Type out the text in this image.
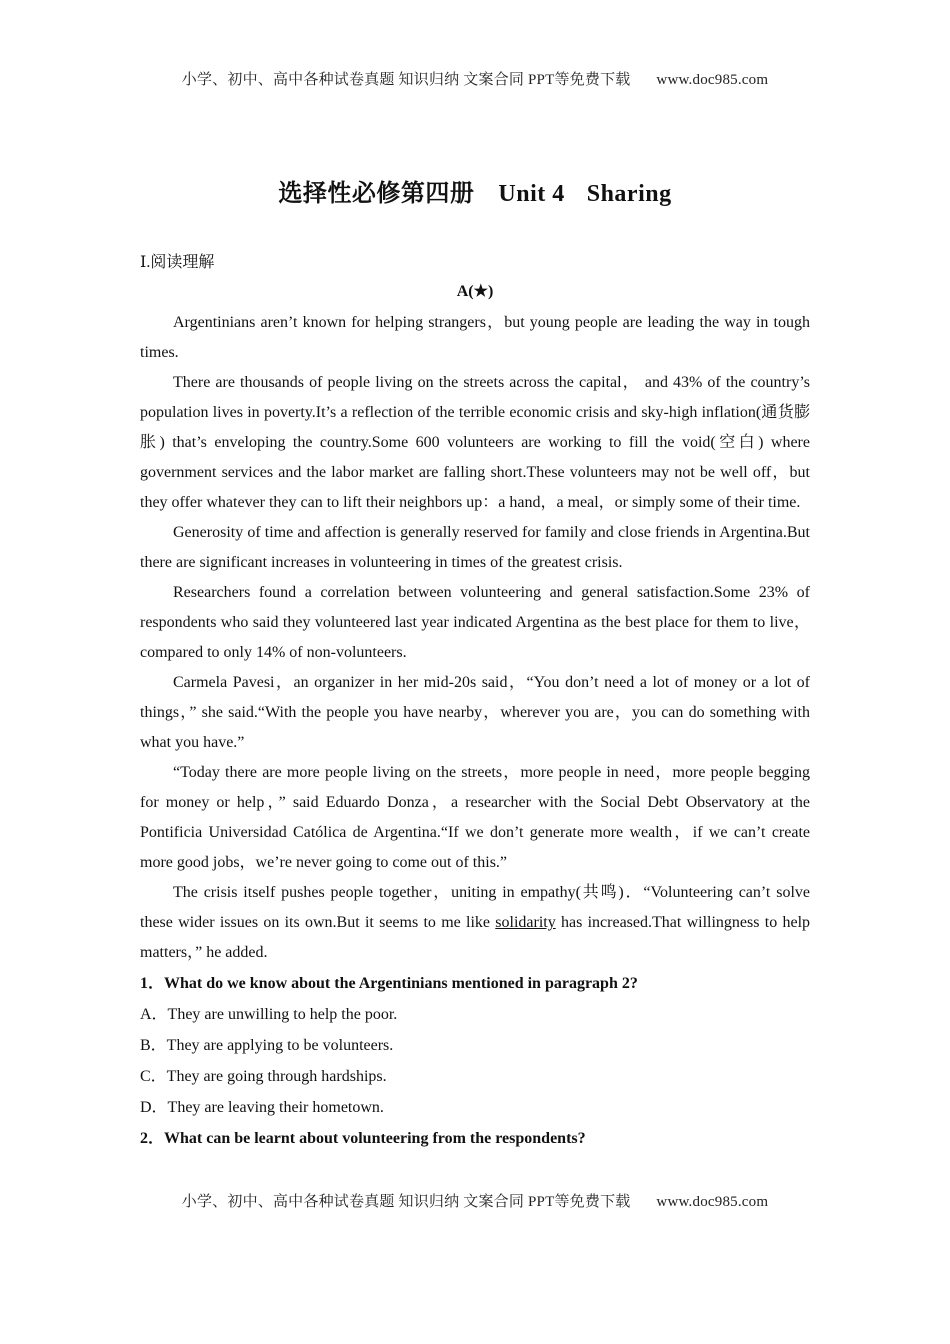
小学、初中、高中各种试卷真题 知识归纳 文案合同 PPT等免费下载 www.doc985.com
选择性必修第四册 Unit 4 Sharing
Ⅰ.阅读理解
A(★)

Argentinians aren’t known for helping strangers，but young people are leading the way in tough times.

There are thousands of people living on the streets across the capital， and 43% of the country’s population lives in poverty.It’s a reflection of the terrible economic crisis and sky-high inflation(通货膨胀) that’s enveloping the country.Some 600 volunteers are working to fill the void(空白) where government services and the labor market are falling short.These volunteers may not be well off，but they offer whatever they can to lift their neighbors up：a hand，a meal，or simply some of their time.

Generosity of time and affection is generally reserved for family and close friends in Argentina.But there are significant increases in volunteering in times of the greatest crisis.

Researchers found a correlation between volunteering and general satisfaction.Some 23% of respondents who said they volunteered last year indicated Argentina as the best place for them to live，compared to only 14% of non-volunteers.

Carmela Pavesi，an organizer in her mid-20s said，“You don’t need a lot of money or a lot of things，” she said.“With the people you have nearby，wherever you are，you can do something with what you have.”

“Today there are more people living on the streets，more people in need，more people begging for money or help，” said Eduardo Donza，a researcher with the Social Debt Observatory at the Pontificia Universidad Católica de Argentina.“If we don’t generate more wealth，if we can’t create more good jobs，we’re never going to come out of this.”

The crisis itself pushes people together，uniting in empathy(共鸣)．“Volunteering can’t solve these wider issues on its own.But it seems to me like solidarity has increased.That willingness to help matters，” he added.

1．What do we know about the Argentinians mentioned in paragraph 2?

A．They are unwilling to help the poor.

B．They are applying to be volunteers.

C．They are going through hardships.

D．They are leaving their hometown.

2．What can be learnt about volunteering from the respondents?

小学、初中、高中各种试卷真题 知识归纳 文案合同 PPT等免费下载 www.doc985.com
